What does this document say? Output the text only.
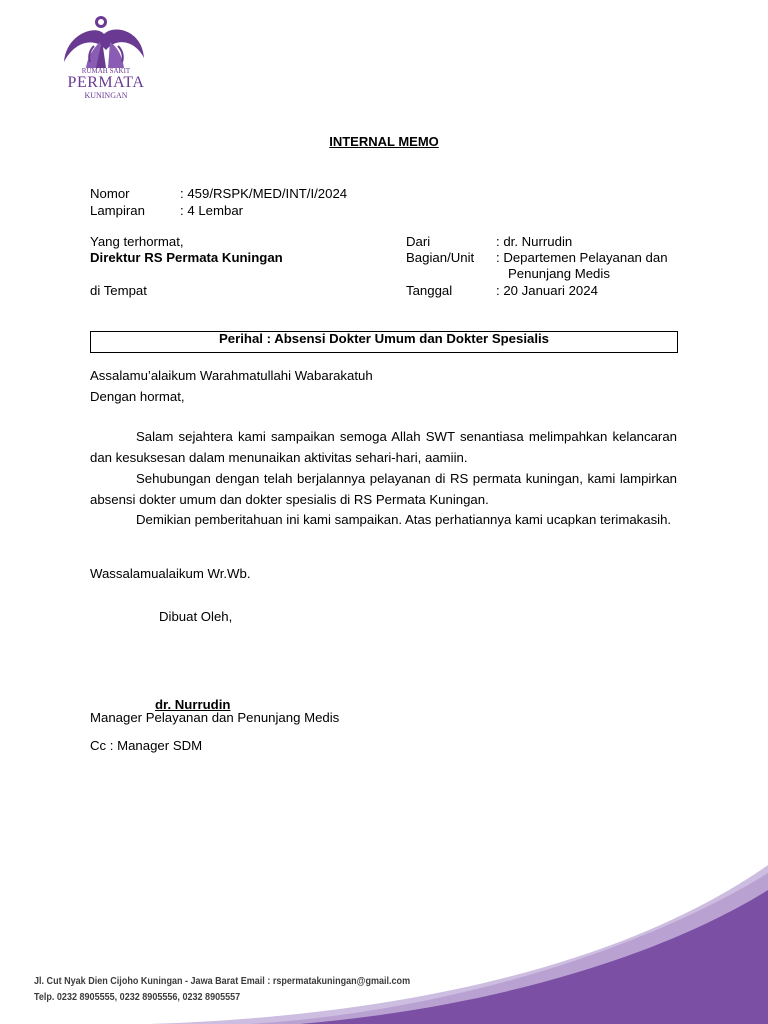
RUMAH SAKIT
PERMATA
KUNINGAN
INTERNAL MEMO
Nomor	: 459/RSPK/MED/INT/I/2024
Lampiran	: 4 Lembar
Yang terhormat,
Direktur RS Permata Kuningan
di Tempat
Dari	: dr. Nurrudin
Bagian/Unit : Departemen Pelayanan dan
Penunjang Medis
Tanggal	: 20 Januari 2024
Perihal : Absensi Dokter Umum dan Dokter Spesialis
Assalamu’alaikum Warahmatullahi Wabarakatuh
Dengan hormat,
Salam sejahtera kami sampaikan semoga Allah SWT senantiasa melimpahkan kelancaran dan kesuksesan dalam menunaikan aktivitas sehari-hari, aamiin.
Sehubungan dengan telah berjalannya pelayanan di RS permata kuningan, kami lampirkan absensi dokter umum dan dokter spesialis di RS Permata Kuningan.
Demikian pemberitahuan ini kami sampaikan. Atas perhatiannya kami ucapkan terimakasih.
Wassalamualaikum Wr.Wb.
Dibuat Oleh,
dr. Nurrudin
Manager Pelayanan dan Penunjang Medis
Cc : Manager SDM
Jl. Cut Nyak Dien Cijoho Kuningan - Jawa Barat Email : rspermatakuningan@gmail.com
Telp. 0232 8905555, 0232 8905556, 0232 8905557
